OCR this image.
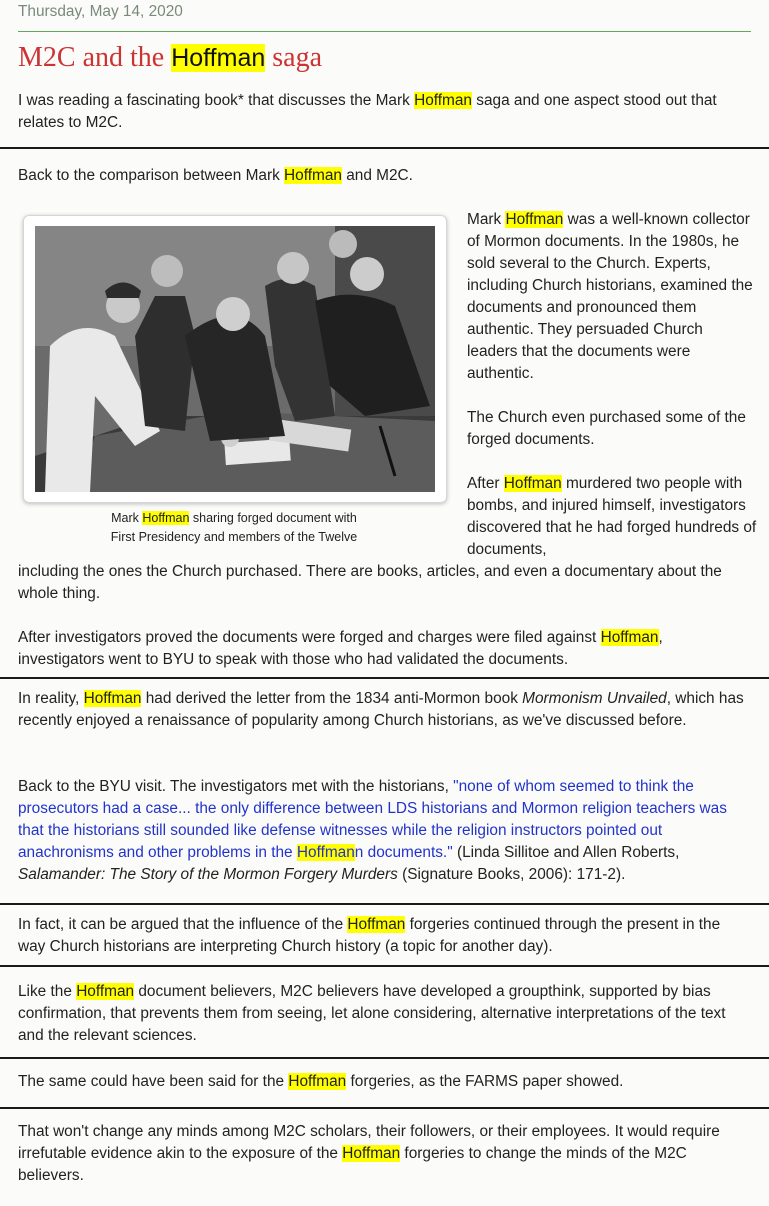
Thursday, May 14, 2020
M2C and the Hoffman saga

I was reading a fascinating book* that discusses the Mark Hoffman saga and one aspect stood out that relates to M2C.

Back to the comparison between Mark Hoffman and M2C.

Mark Hoffman sharing forged document with
First Presidency and members of the Twelve

Mark Hoffman was a well-known collector of Mormon documents. In the 1980s, he sold several to the Church. Experts, including Church historians, examined the documents and pronounced them authentic. They persuaded Church leaders that the documents were authentic.

The Church even purchased some of the forged documents.

After Hoffman murdered two people with bombs, and injured himself, investigators discovered that he had forged hundreds of documents,

including the ones the Church purchased. There are books, articles, and even a documentary about the whole thing.

After investigators proved the documents were forged and charges were filed against Hoffman, investigators went to BYU to speak with those who had validated the documents.

In reality, Hoffman had derived the letter from the 1834 anti-Mormon book Mormonism Unvailed, which has recently enjoyed a renaissance of popularity among Church historians, as we've discussed before.

Back to the BYU visit. The investigators met with the historians, "none of whom seemed to think the prosecutors had a case... the only difference between LDS historians and Mormon religion teachers was that the historians still sounded like defense witnesses while the religion instructors pointed out anachronisms and other problems in the Hoffmann documents." (Linda Sillitoe and Allen Roberts, Salamander: The Story of the Mormon Forgery Murders (Signature Books, 2006): 171-2).

In fact, it can be argued that the influence of the Hoffman forgeries continued through the present in the way Church historians are interpreting Church history (a topic for another day).

Like the Hoffman document believers, M2C believers have developed a groupthink, supported by bias confirmation, that prevents them from seeing, let alone considering, alternative interpretations of the text and the relevant sciences.

The same could have been said for the Hoffman forgeries, as the FARMS paper showed.

That won't change any minds among M2C scholars, their followers, or their employees. It would require irrefutable evidence akin to the exposure of the Hoffman forgeries to change the minds of the M2C believers.
